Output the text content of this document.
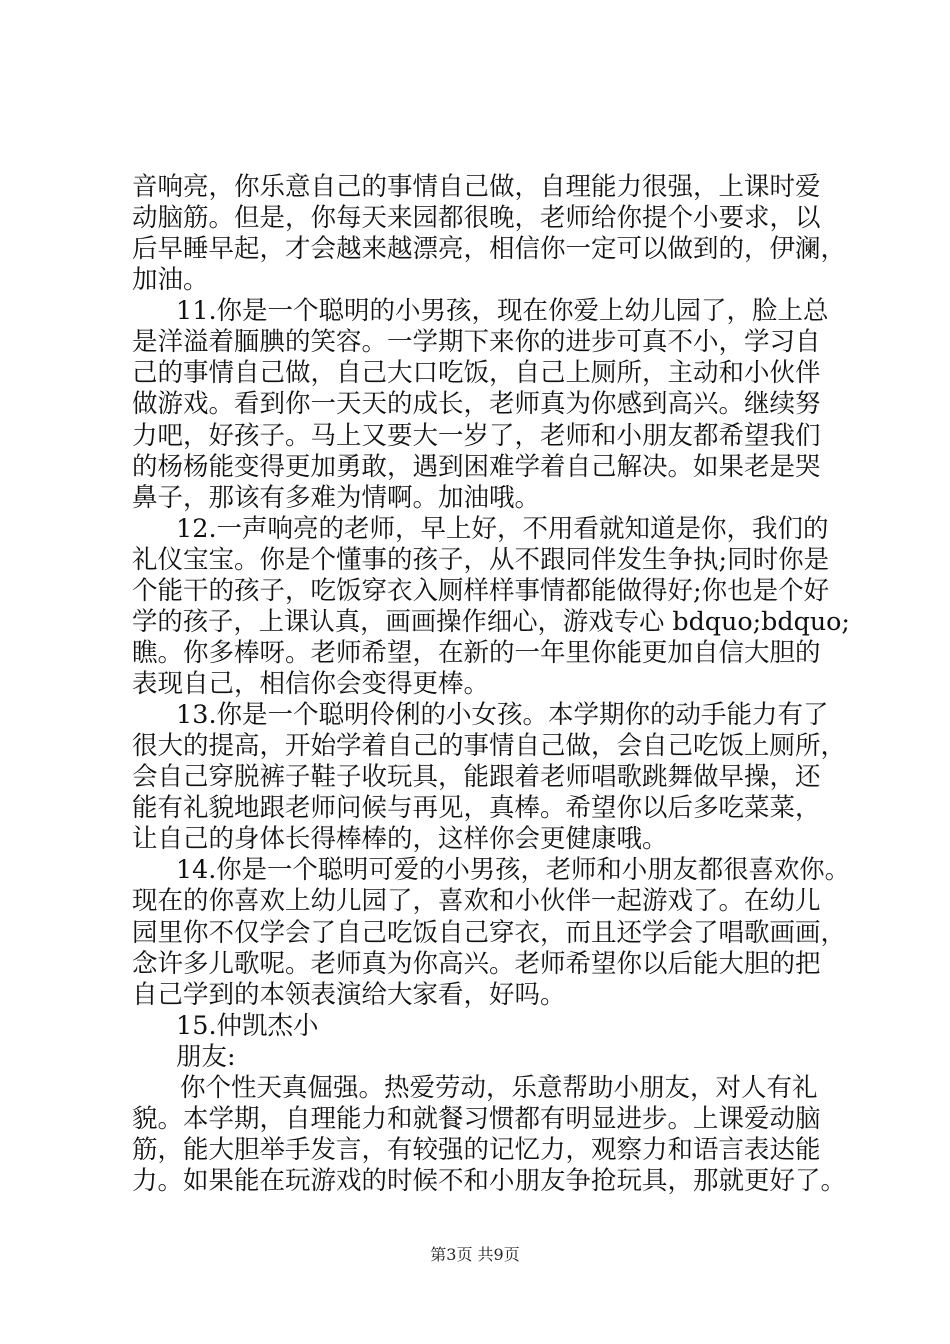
音响亮，你乐意自己的事情自己做，自理能力很强，上课时爱
动脑筋。但是，你每天来园都很晚，老师给你提个小要求，以
后早睡早起，才会越来越漂亮，相信你一定可以做到的，伊澜，
加油。
11.你是一个聪明的小男孩，现在你爱上幼儿园了，脸上总
是洋溢着腼腆的笑容。一学期下来你的进步可真不小，学习自
己的事情自己做，自己大口吃饭，自己上厕所，主动和小伙伴
做游戏。看到你一天天的成长，老师真为你感到高兴。继续努
力吧，好孩子。马上又要大一岁了，老师和小朋友都希望我们
的杨杨能变得更加勇敢，遇到困难学着自己解决。如果老是哭
鼻子，那该有多难为情啊。加油哦。
12.一声响亮的老师，早上好，不用看就知道是你，我们的
礼仪宝宝。你是个懂事的孩子，从不跟同伴发生争执;同时你是
个能干的孩子，吃饭穿衣入厕样样事情都能做得好;你也是个好
学的孩子，上课认真，画画操作细心，游戏专心 bdquo;bdquo;
瞧。你多棒呀。老师希望，在新的一年里你能更加自信大胆的
表现自己，相信你会变得更棒。
13.你是一个聪明伶俐的小女孩。本学期你的动手能力有了
很大的提高，开始学着自己的事情自己做，会自己吃饭上厕所，
会自己穿脱裤子鞋子收玩具，能跟着老师唱歌跳舞做早操，还
能有礼貌地跟老师问候与再见，真棒。希望你以后多吃菜菜，
让自己的身体长得棒棒的，这样你会更健康哦。
14.你是一个聪明可爱的小男孩，老师和小朋友都很喜欢你。
现在的你喜欢上幼儿园了，喜欢和小伙伴一起游戏了。在幼儿
园里你不仅学会了自己吃饭自己穿衣，而且还学会了唱歌画画，
念许多儿歌呢。老师真为你高兴。老师希望你以后能大胆的把
自己学到的本领表演给大家看，好吗。
15.仲凯杰小
朋友:
你个性天真倔强。热爱劳动，乐意帮助小朋友，对人有礼
貌。本学期，自理能力和就餐习惯都有明显进步。上课爱动脑
筋，能大胆举手发言，有较强的记忆力，观察力和语言表达能
力。如果能在玩游戏的时候不和小朋友争抢玩具，那就更好了。
第3页 共9页
